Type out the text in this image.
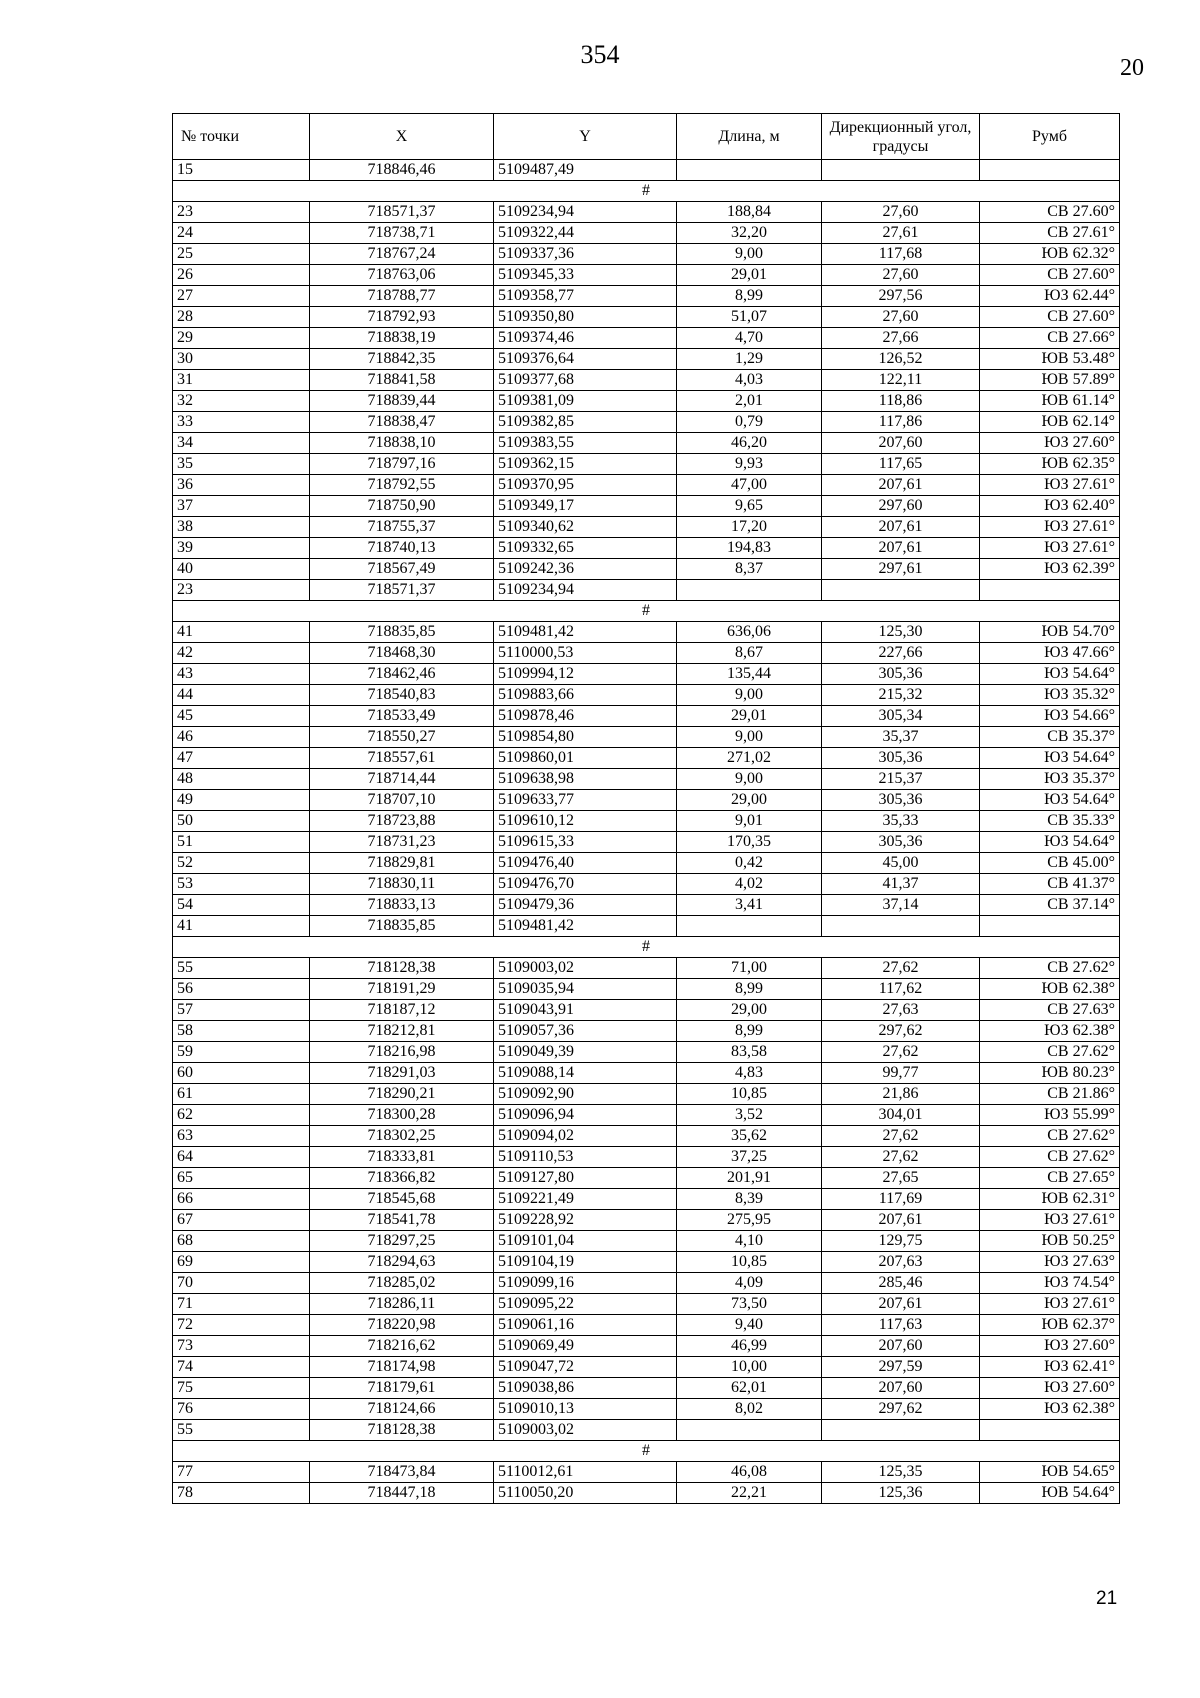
354	20
№ точки	X	Y	Длина, м	Дирекционный угол, градусы	Румб
15	718846,46	5109487,49			
#					
23	718571,37	5109234,94	188,84	27,60	СВ 27.60°
24	718738,71	5109322,44	32,20	27,61	СВ 27.61°
25	718767,24	5109337,36	9,00	117,68	ЮВ 62.32°
26	718763,06	5109345,33	29,01	27,60	СВ 27.60°
27	718788,77	5109358,77	8,99	297,56	ЮЗ 62.44°
28	718792,93	5109350,80	51,07	27,60	СВ 27.60°
29	718838,19	5109374,46	4,70	27,66	СВ 27.66°
30	718842,35	5109376,64	1,29	126,52	ЮВ 53.48°
31	718841,58	5109377,68	4,03	122,11	ЮВ 57.89°
32	718839,44	5109381,09	2,01	118,86	ЮВ 61.14°
33	718838,47	5109382,85	0,79	117,86	ЮВ 62.14°
34	718838,10	5109383,55	46,20	207,60	ЮЗ 27.60°
35	718797,16	5109362,15	9,93	117,65	ЮВ 62.35°
36	718792,55	5109370,95	47,00	207,61	ЮЗ 27.61°
37	718750,90	5109349,17	9,65	297,60	ЮЗ 62.40°
38	718755,37	5109340,62	17,20	207,61	ЮЗ 27.61°
39	718740,13	5109332,65	194,83	207,61	ЮЗ 27.61°
40	718567,49	5109242,36	8,37	297,61	ЮЗ 62.39°
23	718571,37	5109234,94			
#					
41	718835,85	5109481,42	636,06	125,30	ЮВ 54.70°
42	718468,30	5110000,53	8,67	227,66	ЮЗ 47.66°
43	718462,46	5109994,12	135,44	305,36	ЮЗ 54.64°
44	718540,83	5109883,66	9,00	215,32	ЮЗ 35.32°
45	718533,49	5109878,46	29,01	305,34	ЮЗ 54.66°
46	718550,27	5109854,80	9,00	35,37	СВ 35.37°
47	718557,61	5109860,01	271,02	305,36	ЮЗ 54.64°
48	718714,44	5109638,98	9,00	215,37	ЮЗ 35.37°
49	718707,10	5109633,77	29,00	305,36	ЮЗ 54.64°
50	718723,88	5109610,12	9,01	35,33	СВ 35.33°
51	718731,23	5109615,33	170,35	305,36	ЮЗ 54.64°
52	718829,81	5109476,40	0,42	45,00	СВ 45.00°
53	718830,11	5109476,70	4,02	41,37	СВ 41.37°
54	718833,13	5109479,36	3,41	37,14	СВ 37.14°
41	718835,85	5109481,42			
#					
55	718128,38	5109003,02	71,00	27,62	СВ 27.62°
56	718191,29	5109035,94	8,99	117,62	ЮВ 62.38°
57	718187,12	5109043,91	29,00	27,63	СВ 27.63°
58	718212,81	5109057,36	8,99	297,62	ЮЗ 62.38°
59	718216,98	5109049,39	83,58	27,62	СВ 27.62°
60	718291,03	5109088,14	4,83	99,77	ЮВ 80.23°
61	718290,21	5109092,90	10,85	21,86	СВ 21.86°
62	718300,28	5109096,94	3,52	304,01	ЮЗ 55.99°
63	718302,25	5109094,02	35,62	27,62	СВ 27.62°
64	718333,81	5109110,53	37,25	27,62	СВ 27.62°
65	718366,82	5109127,80	201,91	27,65	СВ 27.65°
66	718545,68	5109221,49	8,39	117,69	ЮВ 62.31°
67	718541,78	5109228,92	275,95	207,61	ЮЗ 27.61°
68	718297,25	5109101,04	4,10	129,75	ЮВ 50.25°
69	718294,63	5109104,19	10,85	207,63	ЮЗ 27.63°
70	718285,02	5109099,16	4,09	285,46	ЮЗ 74.54°
71	718286,11	5109095,22	73,50	207,61	ЮЗ 27.61°
72	718220,98	5109061,16	9,40	117,63	ЮВ 62.37°
73	718216,62	5109069,49	46,99	207,60	ЮЗ 27.60°
74	718174,98	5109047,72	10,00	297,59	ЮЗ 62.41°
75	718179,61	5109038,86	62,01	207,60	ЮЗ 27.60°
76	718124,66	5109010,13	8,02	297,62	ЮЗ 62.38°
55	718128,38	5109003,02			
#					
77	718473,84	5110012,61	46,08	125,35	ЮВ 54.65°
78	718447,18	5110050,20	22,21	125,36	ЮВ 54.64°
21
